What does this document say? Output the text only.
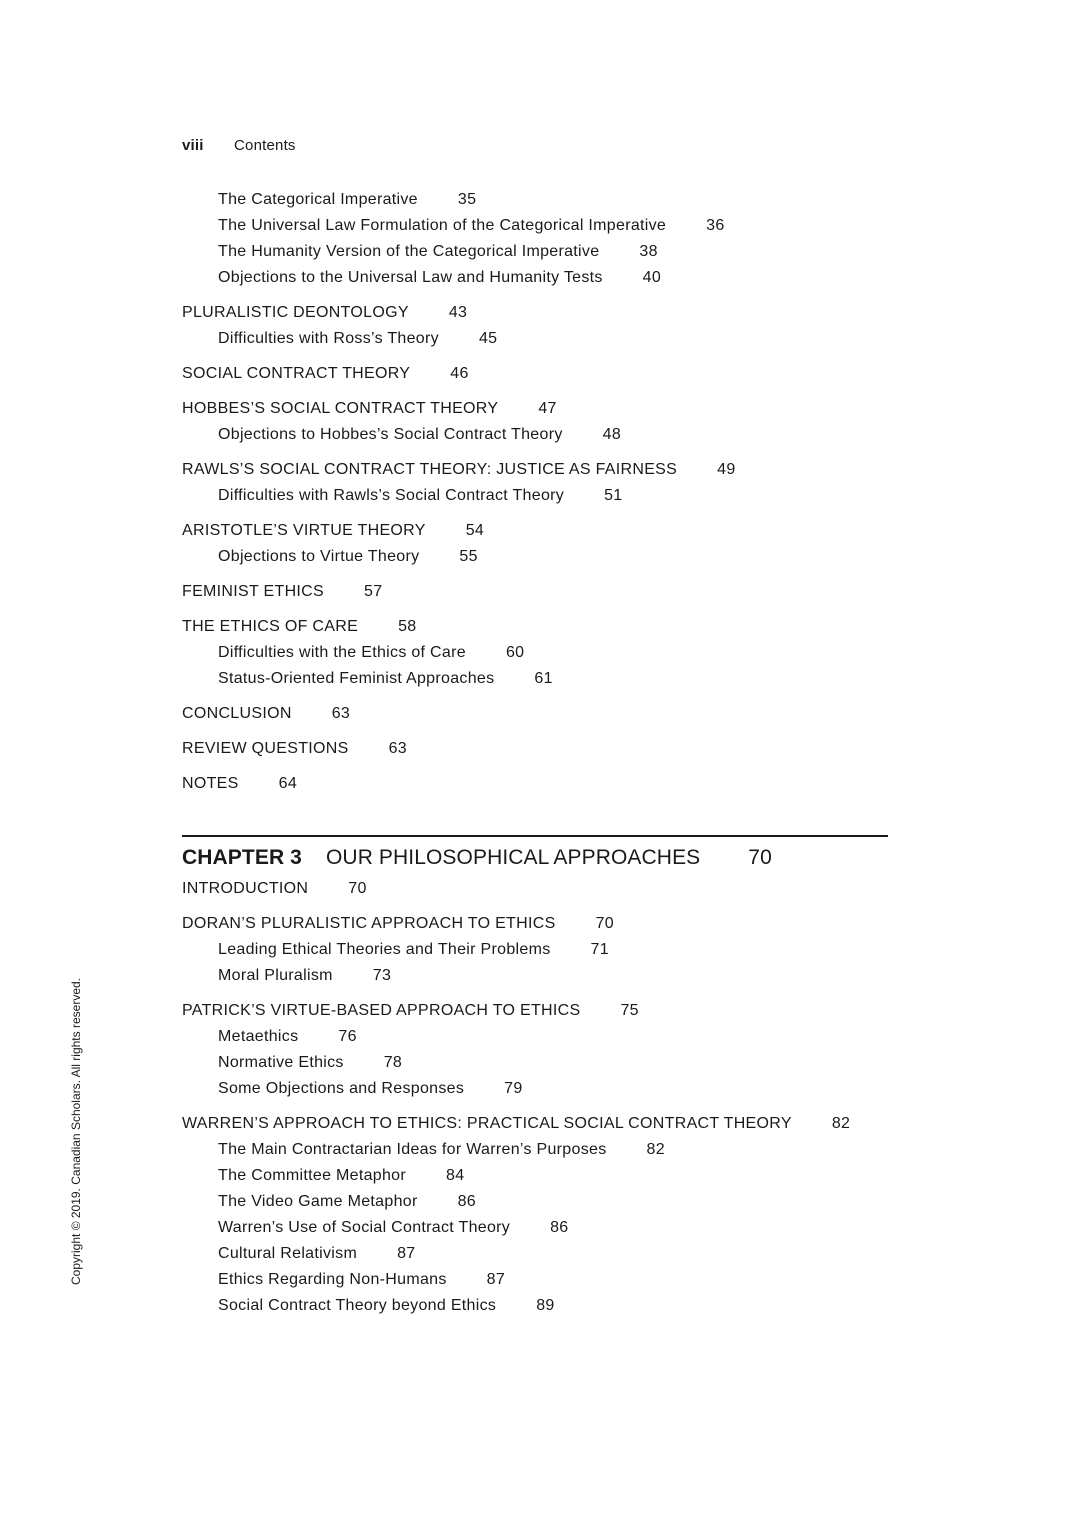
viii Contents
The Categorical Imperative	35
The Universal Law Formulation of the Categorical Imperative	36
The Humanity Version of the Categorical Imperative	38
Objections to the Universal Law and Humanity Tests	40
PLURALISTIC DEONTOLOGY	43
Difficulties with Ross’s Theory	45
SOCIAL CONTRACT THEORY	46
HOBBES’S SOCIAL CONTRACT THEORY	47
Objections to Hobbes’s Social Contract Theory	48
RAWLS’S SOCIAL CONTRACT THEORY: JUSTICE AS FAIRNESS	49
Difficulties with Rawls’s Social Contract Theory	51
ARISTOTLE’S VIRTUE THEORY	54
Objections to Virtue Theory	55
FEMINIST ETHICS	57
THE ETHICS OF CARE	58
Difficulties with the Ethics of Care	60
Status-Oriented Feminist Approaches	61
CONCLUSION	63
REVIEW QUESTIONS	63
NOTES	64
CHAPTER 3 OUR PHILOSOPHICAL APPROACHES 70
INTRODUCTION	70
DORAN’S PLURALISTIC APPROACH TO ETHICS	70
Leading Ethical Theories and Their Problems	71
Moral Pluralism	73
PATRICK’S VIRTUE-BASED APPROACH TO ETHICS	75
Metaethics	76
Normative Ethics	78
Some Objections and Responses	79
WARREN’S APPROACH TO ETHICS: PRACTICAL SOCIAL CONTRACT THEORY	82
The Main Contractarian Ideas for Warren’s Purposes	82
The Committee Metaphor	84
The Video Game Metaphor	86
Warren’s Use of Social Contract Theory	86
Cultural Relativism	87
Ethics Regarding Non-Humans	87
Social Contract Theory beyond Ethics	89
Copyright © 2019. Canadian Scholars. All rights reserved.
